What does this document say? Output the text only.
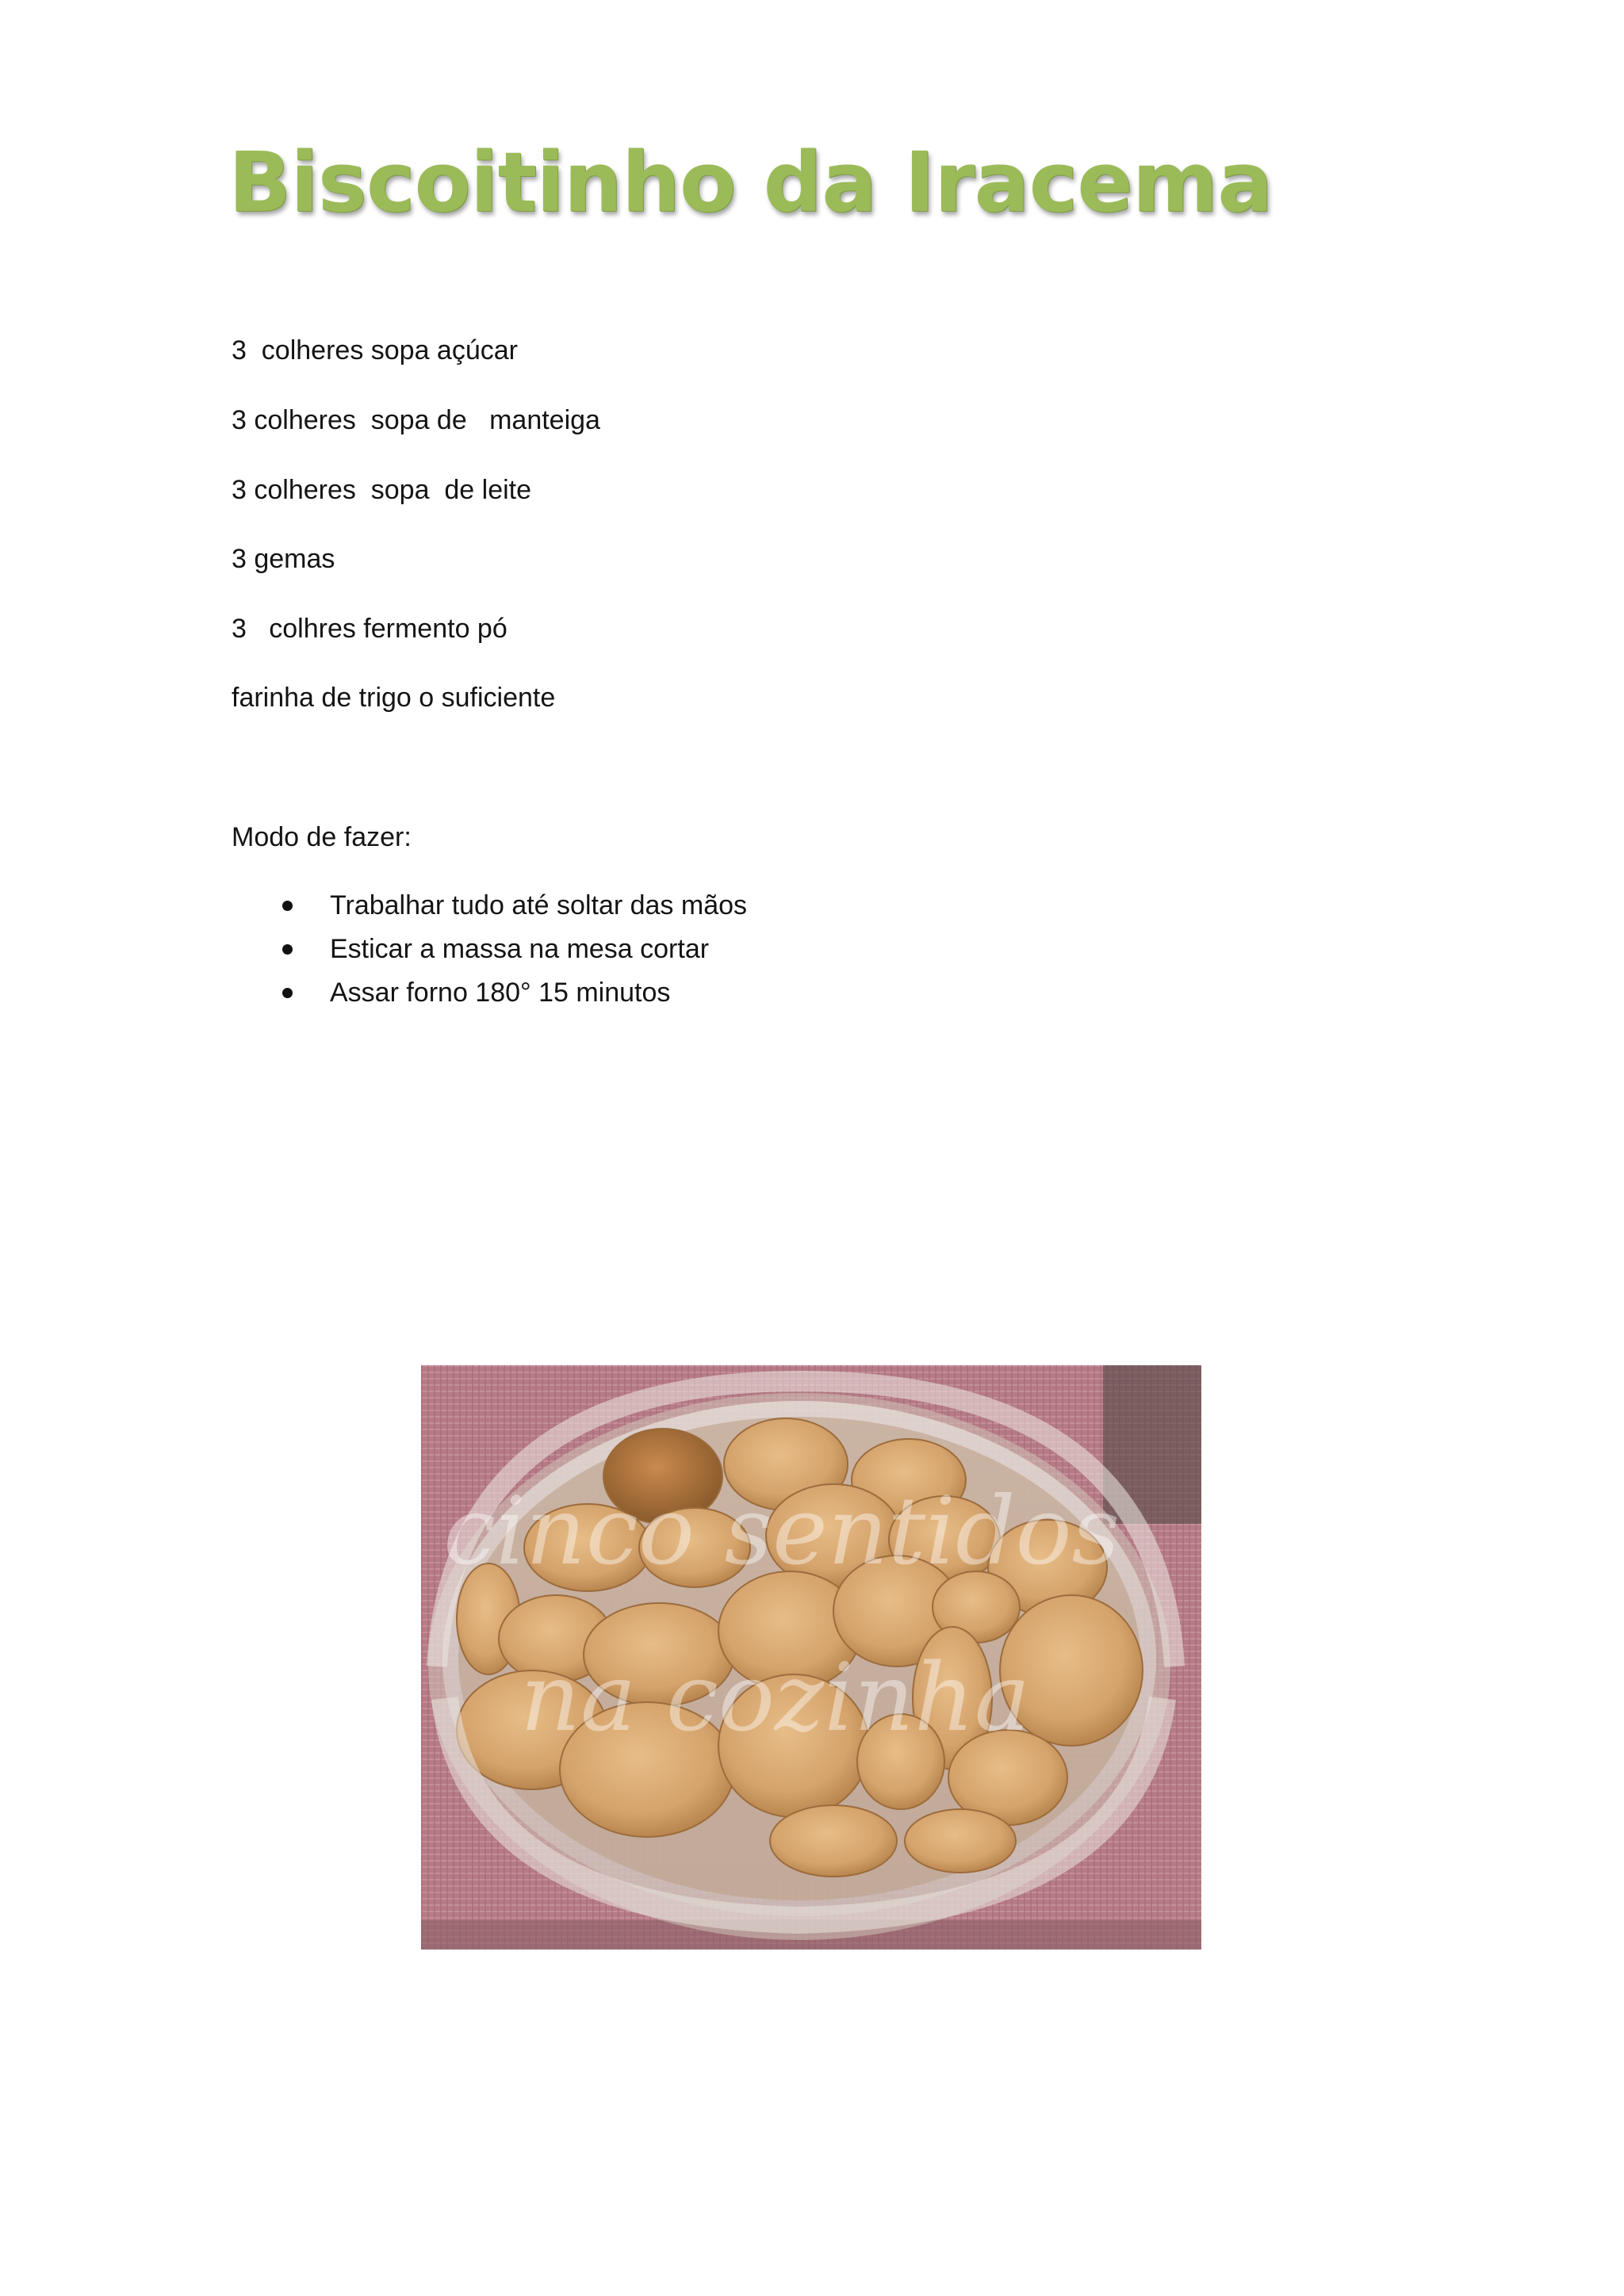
Biscoitinho da Iracema

3  colheres sopa açúcar

3 colheres  sopa de   manteiga

3 colheres  sopa  de leite

3 gemas

3   colhres fermento pó

farinha de trigo o suficiente

Modo de fazer:

Trabalhar tudo até soltar das mãos
Esticar a massa na mesa cortar
Assar forno 180° 15 minutos
cinco sentidos
na cozinha
